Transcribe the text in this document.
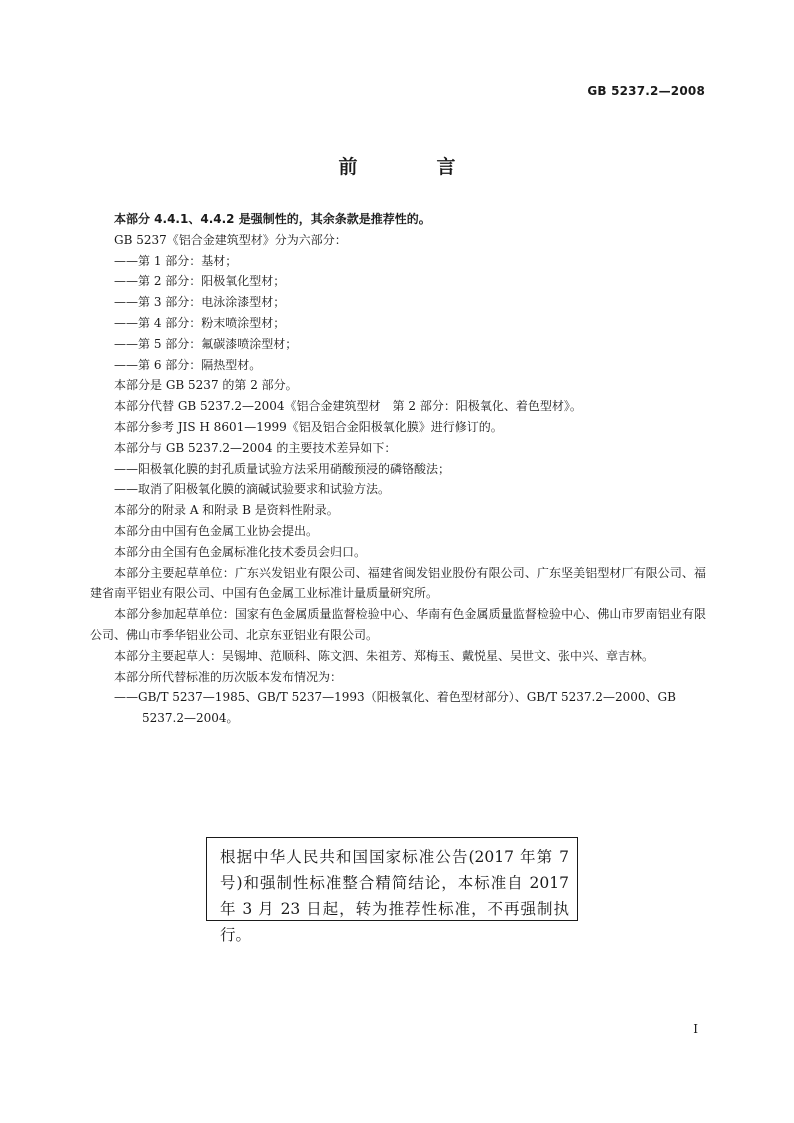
GB 5237.2—2008
前　言

本部分 4.4.1、4.4.2 是强制性的，其余条款是推荐性的。

GB 5237《铝合金建筑型材》分为六部分：

——第 1 部分：基材；

——第 2 部分：阳极氧化型材；

——第 3 部分：电泳涂漆型材；

——第 4 部分：粉末喷涂型材；

——第 5 部分：氟碳漆喷涂型材；

——第 6 部分：隔热型材。

本部分是 GB 5237 的第 2 部分。

本部分代替 GB 5237.2—2004《铝合金建筑型材　第 2 部分：阳极氧化、着色型材》。

本部分参考 JIS H 8601—1999《铝及铝合金阳极氧化膜》进行修订的。

本部分与 GB 5237.2—2004 的主要技术差异如下：

——阳极氧化膜的封孔质量试验方法采用硝酸预浸的磷铬酸法；

——取消了阳极氧化膜的滴碱试验要求和试验方法。

本部分的附录 A 和附录 B 是资料性附录。

本部分由中国有色金属工业协会提出。

本部分由全国有色金属标准化技术委员会归口。

本部分主要起草单位：广东兴发铝业有限公司、福建省闽发铝业股份有限公司、广东坚美铝型材厂有限公司、福建省南平铝业有限公司、中国有色金属工业标准计量质量研究所。

本部分参加起草单位：国家有色金属质量监督检验中心、华南有色金属质量监督检验中心、佛山市罗南铝业有限公司、佛山市季华铝业公司、北京东亚铝业有限公司。

本部分主要起草人：吴锡坤、范顺科、陈文泗、朱祖芳、郑梅玉、戴悦星、吴世文、张中兴、章吉林。

本部分所代替标准的历次版本发布情况为：

——GB/T 5237—1985、GB/T 5237—1993（阳极氧化、着色型材部分）、GB/T 5237.2—2000、GB 5237.2—2004。

根据中华人民共和国国家标准公告(2017 年第 7 号)和强制性标准整合精简结论，本标准自 2017 年 3 月 23 日起，转为推荐性标准，不再强制执行。
I
